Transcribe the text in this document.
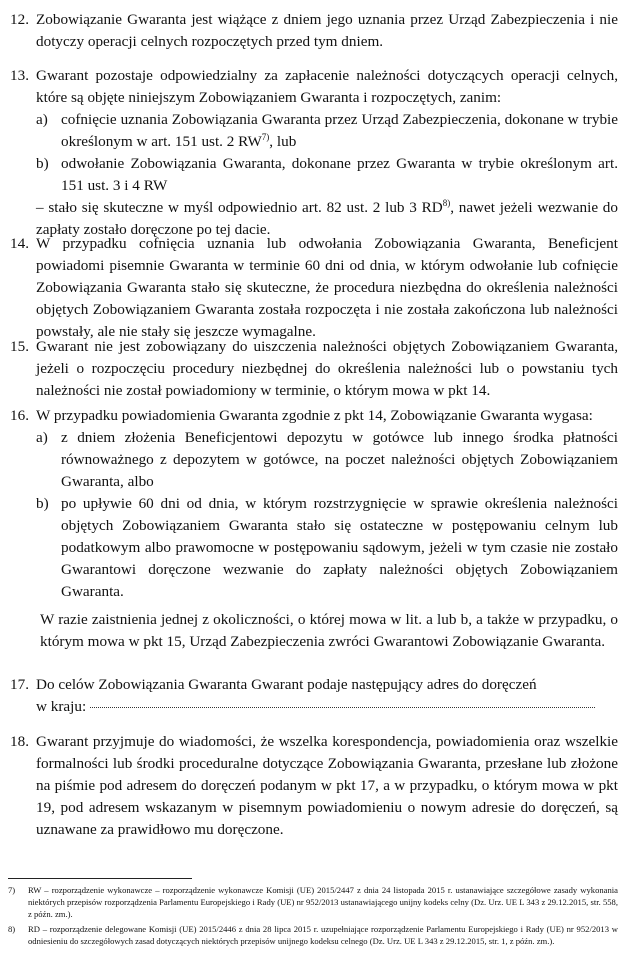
12. Zobowiązanie Gwaranta jest wiążące z dniem jego uznania przez Urząd Zabezpieczenia i nie dotyczy operacji celnych rozpoczętych przed tym dniem.
13. Gwarant pozostaje odpowiedzialny za zapłacenie należności dotyczących operacji celnych, które są objęte niniejszym Zobowiązaniem Gwaranta i rozpoczętych, zanim:
a) cofnięcie uznania Zobowiązania Gwaranta przez Urząd Zabezpieczenia, dokonane w trybie określonym w art. 151 ust. 2 RW$^{7)}$, lub
b) odwołanie Zobowiązania Gwaranta, dokonane przez Gwaranta w trybie określonym art. 151 ust. 3 i 4 RW
– stało się skuteczne w myśl odpowiednio art. 82 ust. 2 lub 3 RD$^{8)}$, nawet jeżeli wezwanie do zapłaty zostało doręczone po tej dacie.
14. W przypadku cofnięcia uznania lub odwołania Zobowiązania Gwaranta, Beneficjent powiadomi pisemnie Gwaranta w terminie 60 dni od dnia, w którym odwołanie lub cofnięcie Zobowiązania Gwaranta stało się skuteczne, że procedura niezbędna do określenia należności objętych Zobowiązaniem Gwaranta została rozpoczęta i nie została zakończona lub należności powstały, ale nie stały się jeszcze wymagalne.
15. Gwarant nie jest zobowiązany do uiszczenia należności objętych Zobowiązaniem Gwaranta, jeżeli o rozpoczęciu procedury niezbędnej do określenia należności lub o powstaniu tych należności nie został powiadomiony w terminie, o którym mowa w pkt 14.
16. W przypadku powiadomienia Gwaranta zgodnie z pkt 14, Zobowiązanie Gwaranta wygasa:
a) z dniem złożenia Beneficjentowi depozytu w gotówce lub innego środka płatności równoważnego z depozytem w gotówce, na poczet należności objętych Zobowiązaniem Gwaranta, albo
b) po upływie 60 dni od dnia, w którym rozstrzygnięcie w sprawie określenia należności objętych Zobowiązaniem Gwaranta stało się ostateczne w postępowaniu celnym lub podatkowym albo prawomocne w postępowaniu sądowym, jeżeli w tym czasie nie zostało Gwarantowi doręczone wezwanie do zapłaty należności objętych Zobowiązaniem Gwaranta.
W razie zaistnienia jednej z okoliczności, o której mowa w lit. a lub b, a także w przypadku, o którym mowa w pkt 15, Urząd Zabezpieczenia zwróci Gwarantowi Zobowiązanie Gwaranta.
17. Do celów Zobowiązania Gwaranta Gwarant podaje następujący adres do doręczeń
w kraju:
18. Gwarant przyjmuje do wiadomości, że wszelka korespondencja, powiadomienia oraz wszelkie formalności lub środki proceduralne dotyczące Zobowiązania Gwaranta, przesłane lub złożone na piśmie pod adresem do doręczeń podanym w pkt 17, a w przypadku, o którym mowa w pkt 19, pod adresem wskazanym w pisemnym powiadomieniu o nowym adresie do doręczeń, są uznawane za prawidłowo mu doręczone.
7) RW – rozporządzenie wykonawcze – rozporządzenie wykonawcze Komisji (UE) 2015/2447 z dnia 24 listopada 2015 r. ustanawiające szczegółowe zasady wykonania niektórych przepisów rozporządzenia Parlamentu Europejskiego i Rady (UE) nr 952/2013 ustanawiającego unijny kodeks celny (Dz. Urz. UE L 343 z 29.12.2015, str. 558, z późn. zm.).
8) RD – rozporządzenie delegowane Komisji (UE) 2015/2446 z dnia 28 lipca 2015 r. uzupełniające rozporządzenie Parlamentu Europejskiego i Rady (UE) nr 952/2013 w odniesieniu do szczegółowych zasad dotyczących niektórych przepisów unijnego kodeksu celnego (Dz. Urz. UE L 343 z 29.12.2015, str. 1, z późn. zm.).
